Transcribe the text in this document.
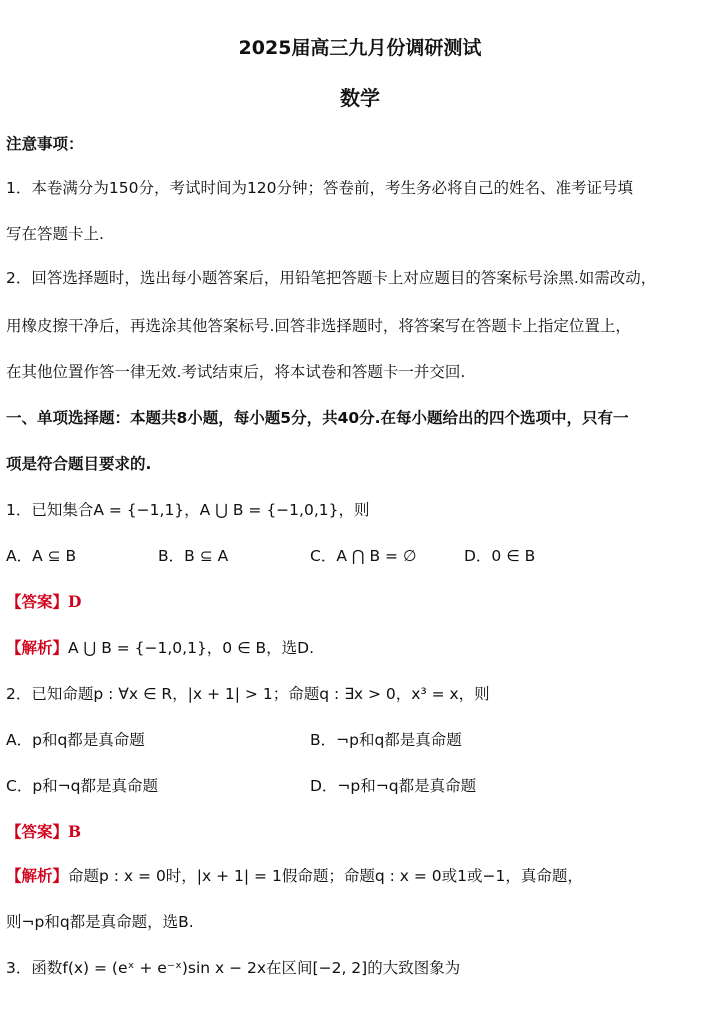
2025届高三九月份调研测试
数学
注意事项：
1．本卷满分为150分，考试时间为120分钟；答卷前，考生务必将自己的姓名、准考证号填
写在答题卡上.
2．回答选择题时，选出每小题答案后，用铅笔把答题卡上对应题目的答案标号涂黑.如需改动，
用橡皮擦干净后，再选涂其他答案标号.回答非选择题时，将答案写在答题卡上指定位置上，
在其他位置作答一律无效.考试结束后，将本试卷和答题卡一并交回.
一、单项选择题：本题共8小题，每小题5分，共40分.在每小题给出的四个选项中，只有一
项是符合题目要求的.
1．已知集合A = {−1,1}，A ⋃ B = {−1,0,1}，则
A．A ⊆ B	B．B ⊆ A	C．A ⋂ B = ∅	D．0 ∈ B
【答案】D
【解析】A ⋃ B = {−1,0,1}，0 ∈ B，选D.
2．已知命题p : ∀x ∈ R，|x + 1| > 1；命题q : ∃x > 0，x³ = x，则
A．p和q都是真命题	B．¬p和q都是真命题
C．p和¬q都是真命题	D．¬p和¬q都是真命题
【答案】B
【解析】命题p : x = 0时，|x + 1| = 1假命题；命题q : x = 0或1或−1，真命题，
则¬p和q都是真命题，选B.
3．函数f(x) = (eˣ + e⁻ˣ)sin x − 2x在区间[−2, 2]的大致图象为
